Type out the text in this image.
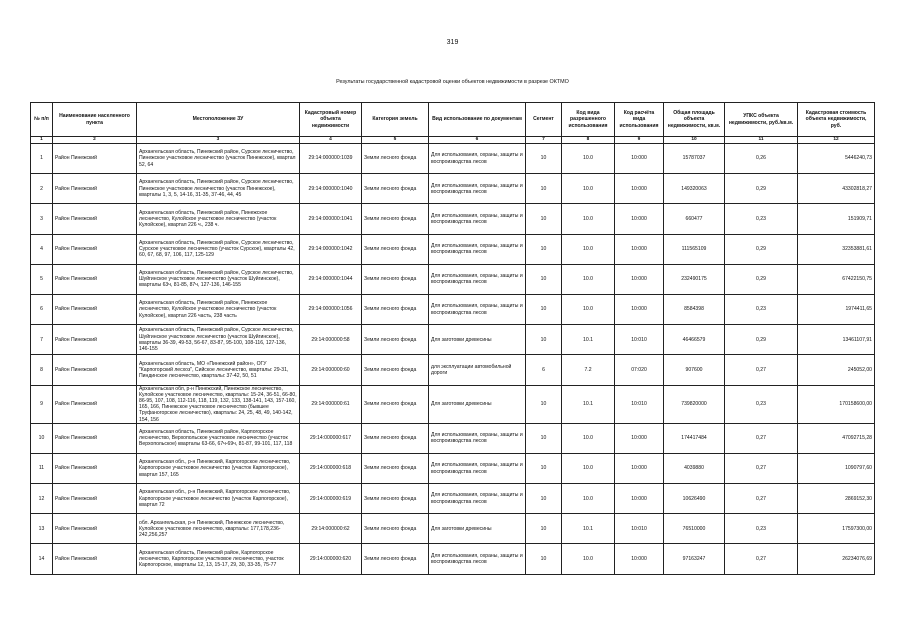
319
Результаты государственной кадастровой оценки объектов недвижимости в разрезе ОКТМО
№ п/п	Наименование населенного пункта	Местоположение ЗУ	Кадастровый номер объекта недвижимости	Категория земель	Вид использование по документам	Сегмент	Код вида разрешенного использования	Код расчёта вида использования	Общая площадь объекта недвижимости, кв.м.	УПКС объекта недвижимости, руб./кв.м.	Кадастровая стоимость объекта недвижимости, руб.
1	2	3	4	5	6	7	8	9	10	11	12
1	Район Пинежский	Архангельская область, Пинежский район, Сурское лесничество, Пинежское участковое лесничество (участок Пинежское), квартал 52, 64	29:14:000000:1039	Земли лесного фонда	Для использования, охраны, защиты и воспроизводства лесов	10	10.0	10:000	15787037	0,26	5446240,73
2	Район Пинежский	Архангельская область, Пинежский район, Сурское лесничество, Пинежское участковое лесничество (участок Пинежское), кварталы 1, 3, 5, 14-16, 31-35, 37-46, 44, 45	29:14:000000:1040	Земли лесного фонда	Для использования, охраны, защиты и воспроизводства лесов	10	10.0	10:000	149320063	0,29	43302818,27
3	Район Пинежский	Архангельская область, Пинежский район, Пинежское лесничество, Кулойское участковое лесничество (участок Кулойское), квартал 226 ч., 238 ч.	29:14:000000:1041	Земли лесного фонда	Для использования, охраны, защиты и воспроизводства лесов	10	10.0	10:000	660477	0,23	151909,71
4	Район Пинежский	Архангельская область, Пинежский район, Сурское лесничество, Сурское участковое лесничество (участок Сурское), кварталы 42, 60, 67, 68, 97, 106, 117, 125-129	29:14:000000:1042	Земли лесного фонда	Для использования, охраны, защиты и воспроизводства лесов	10	10.0	10:000	111565109	0,29	32353881,61
5	Район Пинежский	Архангельская область, Пинежский район, Сурское лесничество, Шуйгинское участковое лесничество (участок Шуйгинское), кварталы 63ч, 81-85, 87ч, 127-136, 146-155	29:14:000000:1044	Земли лесного фонда	Для использования, охраны, защиты и воспроизводства лесов	10	10.0	10:000	232490175	0,29	67422150,75
6	Район Пинежский	Архангельская область, Пинежский район, Пинежское лесничество, Кулойское участковое лесничество (участок Кулойское), квартал 226 часть, 238 часть	29:14:000000:1056	Земли лесного фонда	Для использования, охраны, защиты и воспроизводства лесов	10	10.0	10:000	8584398	0,23	1974411,65
7	Район Пинежский	Архангельская область, Пинежский район, Сурское лесничество, Шуйгинское участковое лесничество (участок Шуйгинское), кварталы 36-39, 49-53, 56-67, 83-87, 95-100, 108-116, 127-136, 146-155	29:14:000000:58	Земли лесного фонда	Для заготовки древесины	10	10.1	10:010	46466579	0,29	13461107,91
8	Район Пинежский	Архангельская область, МО «Пинежский район», ОГУ "Карпогорский лесхоз", Сийское лесничество, кварталы: 29-31, Пиндинское лесничество, кварталы: 37-42, 50, 51	29:14:000000:60	Земли лесного фонда	для эксплуатации автомобильной дороги	6	7.2	07:020	907600	0,27	245052,00
9	Район Пинежский	Архангельская обл, р-н Пинежский, Пинежское лесничество, Кулойское участковое лесничество, кварталы: 15-24, 36-51, 66-80, 86-95, 107, 108, 112-116, 118, 119, 132, 133, 138-141, 143, 157-160, 165, 166, Пинежское участковое лесничество (бывшее Труфаногорское лесничество), кварталы: 24, 25, 48, 49, 140-142, 154, 156	29:14:000000:61	Земли лесного фонда	Для заготовки древесины	10	10.1	10:010	739820000	0,23	170158600,00
10	Район Пинежский	Архангельская область, Пинежский район, Карпогорское лесничество, Верхопольское участковое лесничество (участок Верхопольское) кварталы 63-66, 67ч-69ч, 81-87, 99-101, 117, 118	29:14:000000:617	Земли лесного фонда	Для использования, охраны, защиты и воспроизводства лесов	10	10.0	10:000	174417484	0,27	47092715,28
11	Район Пинежский	Архангельская обл., р-н Пинежский, Карпогорское лесничество, Карпогорское участковое лесничество (участок Карпогорское), квартал 157, 165	29:14:000000:618	Земли лесного фонда	Для использования, охраны, защиты и воспроизводства лесов	10	10.0	10:000	4039880	0,27	1090797,60
12	Район Пинежский	Архангельская обл., р-н Пинежский, Карпогорское лесничество, Карпогорское участковое лесничество (участок Карпогорское), квартал 72	29:14:000000:619	Земли лесного фонда	Для использования, охраны, защиты и воспроизводства лесов	10	10.0	10:000	10626490	0,27	2869152,30
13	Район Пинежский	обл. Архангельская, р-н Пинежский, Пинежское лесничество, Кулойское участковое лесничество, кварталы: 177,178,236-242,256,257	29:14:000000:62	Земли лесного фонда	Для заготовки древесины	10	10.1	10:010	76510000	0,23	17597300,00
14	Район Пинежский	Архангельская область, Пинежский район, Карпогорское лесничество, Карпогорское участковое лесничество, участок Карпогорское, кварталы 12, 13, 15-17, 29, 30, 33-35, 75-77	29:14:000000:620	Земли лесного фонда	Для использования, охраны, защиты и воспроизводства лесов	10	10.0	10:000	97163247	0,27	26234076,69
